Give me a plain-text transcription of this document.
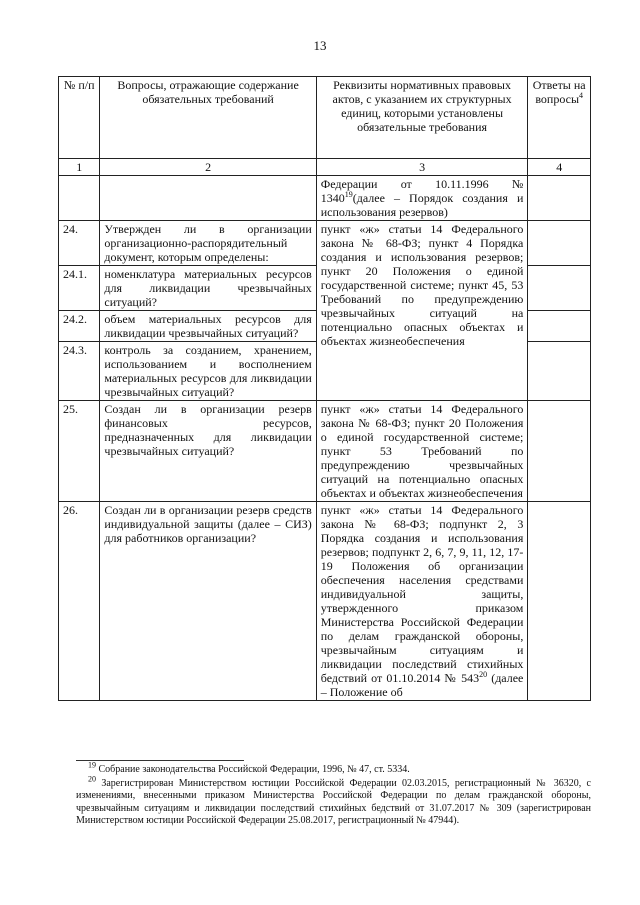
13
№ п/п	Вопросы, отражающие содержание обязательных требований	Реквизиты нормативных правовых актов, с указанием их структурных единиц, которыми установлены обязательные требования	Ответы на вопросы$^4$
1	2	3	4
		Федерации от 10.11.1996 № 1340$^{19}$(далее – Порядок создания и использования резервов)	
24.	Утвержден ли в организации организационно-распорядительный документ, которым определены:	пункт «ж» статьи 14 Федерального закона № 68-ФЗ; пункт 4 Порядка создания и использования резервов; пункт 20 Положения о единой государственной системе; пункт 45, 53 Требований по предупреждению чрезвычайных ситуаций на потенциально опасных объектах и объектах жизнеобеспечения	
24.1.	номенклатура материальных ресурсов для ликвидации чрезвычайных ситуаций?		
24.2.	объем материальных ресурсов для ликвидации чрезвычайных ситуаций?		
24.3.	контроль за созданием, хранением, использованием и восполнением материальных ресурсов для ликвидации чрезвычайных ситуаций?		
25.	Создан ли в организации резерв финансовых ресурсов, предназначенных для ликвидации чрезвычайных ситуаций?	пункт «ж» статьи 14 Федерального закона № 68-ФЗ; пункт 20 Положения о единой государственной системе; пункт 53 Требований по предупреждению чрезвычайных ситуаций на потенциально опасных объектах и объектах жизнеобеспечения	
26.	Создан ли в организации резерв средств индивидуальной защиты (далее – СИЗ) для работников организации?	пункт «ж» статьи 14 Федерального закона № 68-ФЗ; подпункт 2, 3 Порядка создания и использования резервов; подпункт 2, 6, 7, 9, 11, 12, 17-19 Положения об организации обеспечения населения средствами индивидуальной защиты, утвержденного приказом Министерства Российской Федерации по делам гражданской обороны, чрезвычайным ситуациям и ликвидации последствий стихийных бедствий от 01.10.2014 № $543^{20}$ (далее – Положение об	

$^{19}$ Собрание законодательства Российской Федерации, 1996, № 47, ст. 5334.

$^{20}$ Зарегистрирован Министерством юстиции Российской Федерации 02.03.2015, регистрационный № 36320, с изменениями, внесенными приказом Министерства Российской Федерации по делам гражданской обороны, чрезвычайным ситуациям и ликвидации последствий стихийных бедствий от 31.07.2017 № 309 (зарегистрирован Министерством юстиции Российской Федерации 25.08.2017, регистрационный № 47944).
